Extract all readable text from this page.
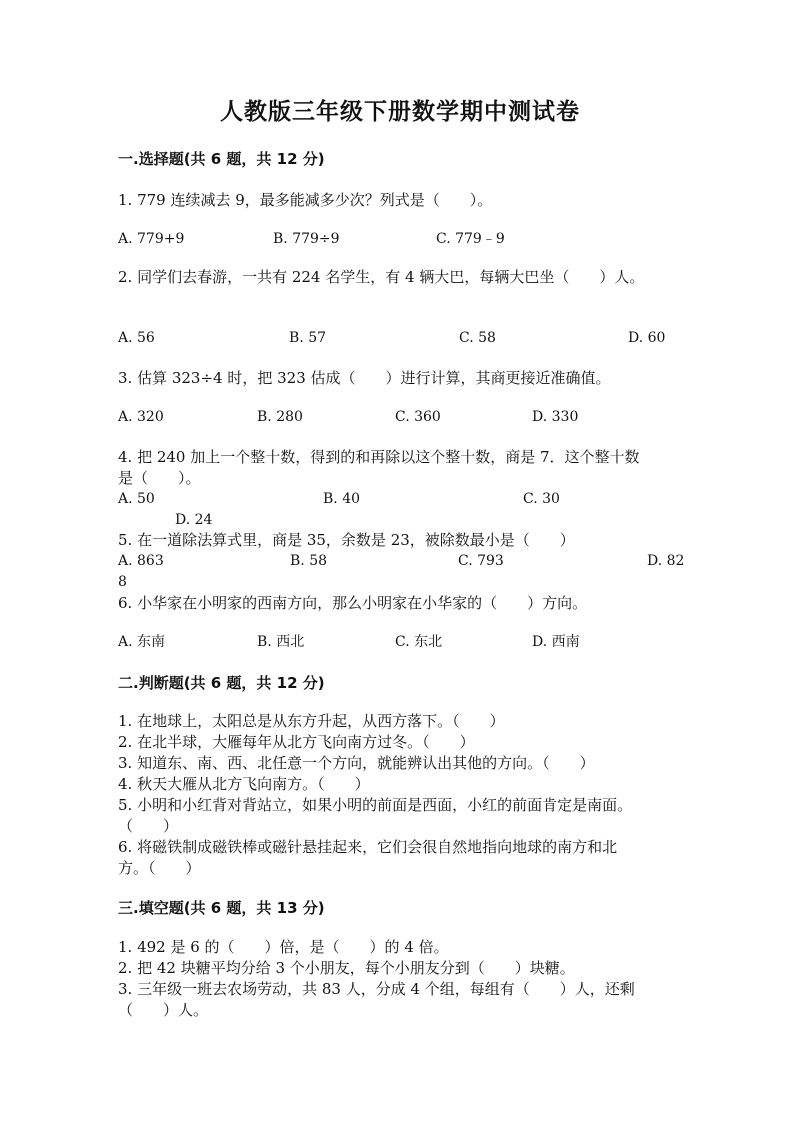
人教版三年级下册数学期中测试卷
一.选择题(共 6 题，共 12 分)
1. 779 连续减去 9，最多能减多少次？列式是（　　）。
A. 779+9	B. 779÷9	C. 779﹣9
2. 同学们去春游，一共有 224 名学生，有 4 辆大巴，每辆大巴坐（　　）人。
A. 56	B. 57	C. 58	D. 60
3. 估算 323÷4 时，把 323 估成（　　）进行计算，其商更接近准确值。
A. 320	B. 280	C. 360	D. 330
4. 把 240 加上一个整十数，得到的和再除以这个整十数，商是 7．这个整十数
是（　　）。
A. 50	B. 40	C. 30
D. 24
5. 在一道除法算式里，商是 35，余数是 23，被除数最小是（　　）
A. 863	B. 58	C. 793	D. 82
8
6. 小华家在小明家的西南方向，那么小明家在小华家的（　　）方向。
A. 东南	B. 西北	C. 东北	D. 西南
二.判断题(共 6 题，共 12 分)
1. 在地球上，太阳总是从东方升起，从西方落下。（　　）
2. 在北半球，大雁每年从北方飞向南方过冬。（　　）
3. 知道东、南、西、北任意一个方向，就能辨认出其他的方向。（　　）
4. 秋天大雁从北方飞向南方。（　　）
5. 小明和小红背对背站立，如果小明的前面是西面，小红的前面肯定是南面。
（　　）
6. 将磁铁制成磁铁棒或磁针悬挂起来，它们会很自然地指向地球的南方和北
方。（　　）
三.填空题(共 6 题，共 13 分)
1. 492 是 6 的（　　）倍，是（　　）的 4 倍。
2. 把 42 块糖平均分给 3 个小朋友，每个小朋友分到（　　）块糖。
3. 三年级一班去农场劳动，共 83 人，分成 4 个组，每组有（　　）人，还剩
（　　）人。
